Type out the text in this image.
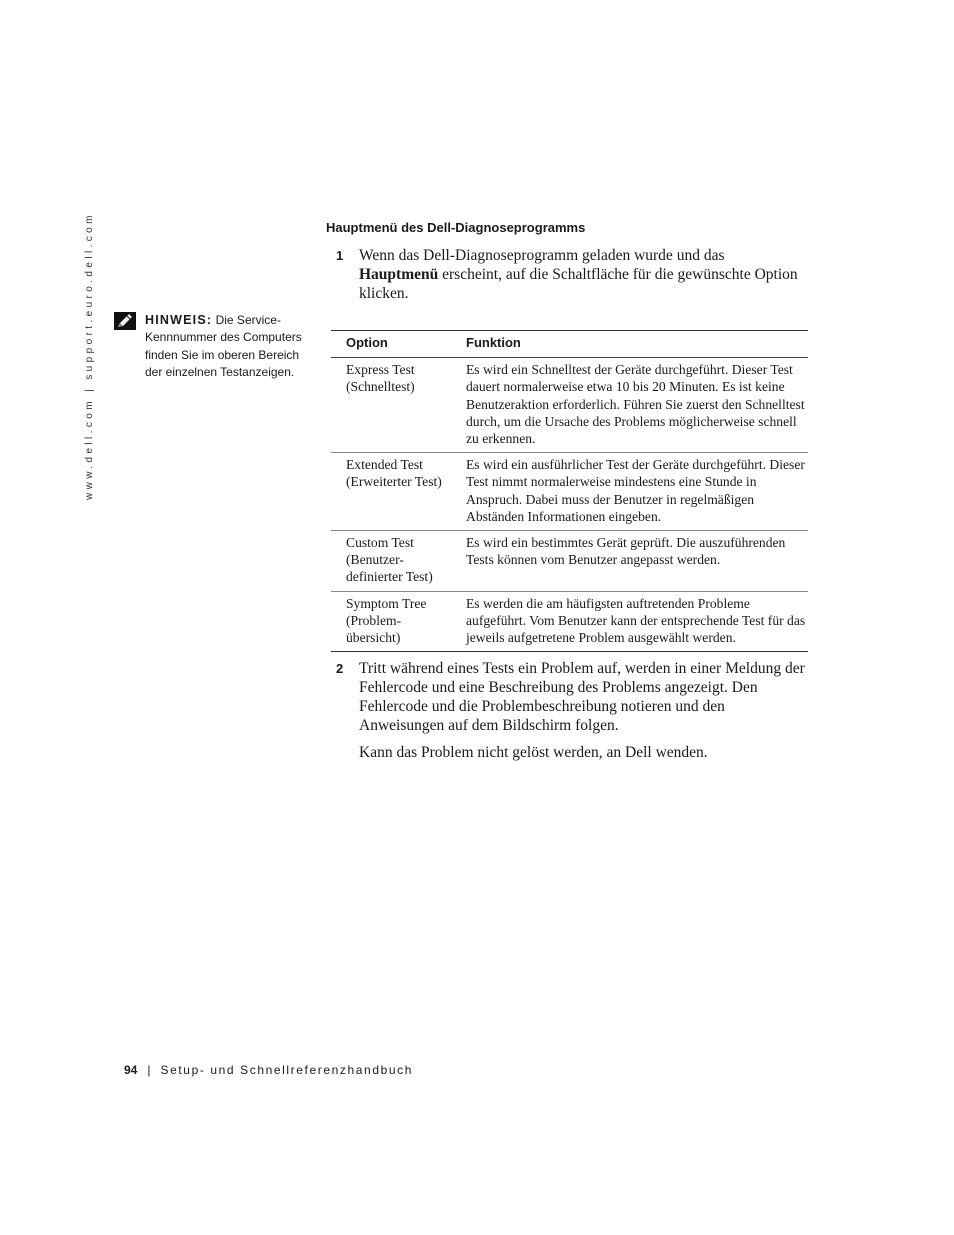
www.dell.com | support.euro.dell.com	Hauptmenü des Dell-Diagnoseprogramms
1 Wenn das Dell-Diagnoseprogramm geladen wurde und das Hauptmenü erscheint, auf die Schaltfläche für die gewünschte Option klicken.
HINWEIS: Die Service-Kennnummer des Computers finden Sie im oberen Bereich der einzelnen Testanzeigen.
Option	Funktion
Express Test (Schnelltest)	Es wird ein Schnelltest der Geräte durchgeführt. Dieser Test dauert normalerweise etwa 10 bis 20 Minuten. Es ist keine Benutzeraktion erforderlich. Führen Sie zuerst den Schnelltest durch, um die Ursache des Problems möglicherweise schnell zu erkennen.
Extended Test (Erweiterter Test)	Es wird ein ausführlicher Test der Geräte durchgeführt. Dieser Test nimmt normalerweise mindestens eine Stunde in Anspruch. Dabei muss der Benutzer in regelmäßigen Abständen Informationen eingeben.
Custom Test (Benutzer-definierter Test)	Es wird ein bestimmtes Gerät geprüft. Die auszuführenden Tests können vom Benutzer angepasst werden.
Symptom Tree (Problem-übersicht)	Es werden die am häufigsten auftretenden Probleme aufgeführt. Vom Benutzer kann der entsprechende Test für das jeweils aufgetretene Problem ausgewählt werden.
2 Tritt während eines Tests ein Problem auf, werden in einer Meldung der Fehlercode und eine Beschreibung des Problems angezeigt. Den Fehlercode und die Problembeschreibung notieren und den Anweisungen auf dem Bildschirm folgen.
Kann das Problem nicht gelöst werden, an Dell wenden.
94 | Setup- und Schnellreferenzhandbuch
